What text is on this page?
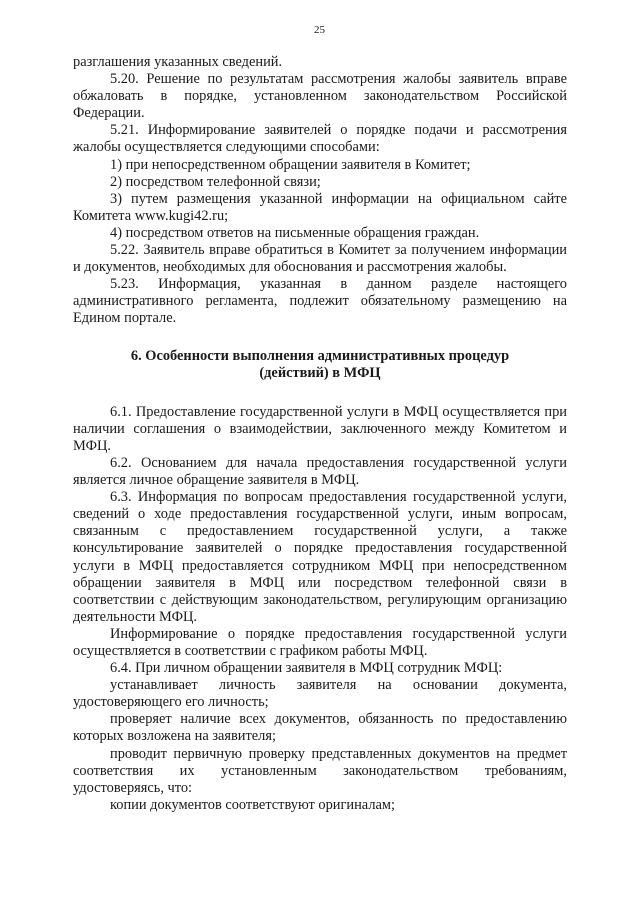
25

разглашения указанных сведений.

5.20. Решение по результатам рассмотрения жалобы заявитель вправе обжаловать в порядке, установленном законодательством Российской Федерации.

5.21. Информирование заявителей о порядке подачи и рассмотрения жалобы осуществляется следующими способами:

1) при непосредственном обращении заявителя в Комитет;

2) посредством телефонной связи;

3) путем размещения указанной информации на официальном сайте Комитета www.kugi42.ru;

4) посредством ответов на письменные обращения граждан.

5.22. Заявитель вправе обратиться в Комитет за получением информации и документов, необходимых для обоснования и рассмотрения жалобы.

5.23. Информация, указанная в данном разделе настоящего административного регламента, подлежит обязательному размещению на Едином портале.

6. Особенности выполнения административных процедур
(действий) в МФЦ

6.1. Предоставление государственной услуги в МФЦ осуществляется при наличии соглашения о взаимодействии, заключенного между Комитетом и МФЦ.

6.2. Основанием для начала предоставления государственной услуги является личное обращение заявителя в МФЦ.

6.3. Информация по вопросам предоставления государственной услуги, сведений о ходе предоставления государственной услуги, иным вопросам, связанным с предоставлением государственной услуги, а также консультирование заявителей о порядке предоставления государственной услуги в МФЦ предоставляется сотрудником МФЦ при непосредственном обращении заявителя в МФЦ или посредством телефонной связи в соответствии с действующим законодательством, регулирующим организацию деятельности МФЦ.

Информирование о порядке предоставления государственной услуги осуществляется в соответствии с графиком работы МФЦ.

6.4. При личном обращении заявителя в МФЦ сотрудник МФЦ:

устанавливает личность заявителя на основании документа, удостоверяющего его личность;

проверяет наличие всех документов, обязанность по предоставлению которых возложена на заявителя;

проводит первичную проверку представленных документов на предмет соответствия их установленным законодательством требованиям, удостоверяясь, что:

копии документов соответствуют оригиналам;
